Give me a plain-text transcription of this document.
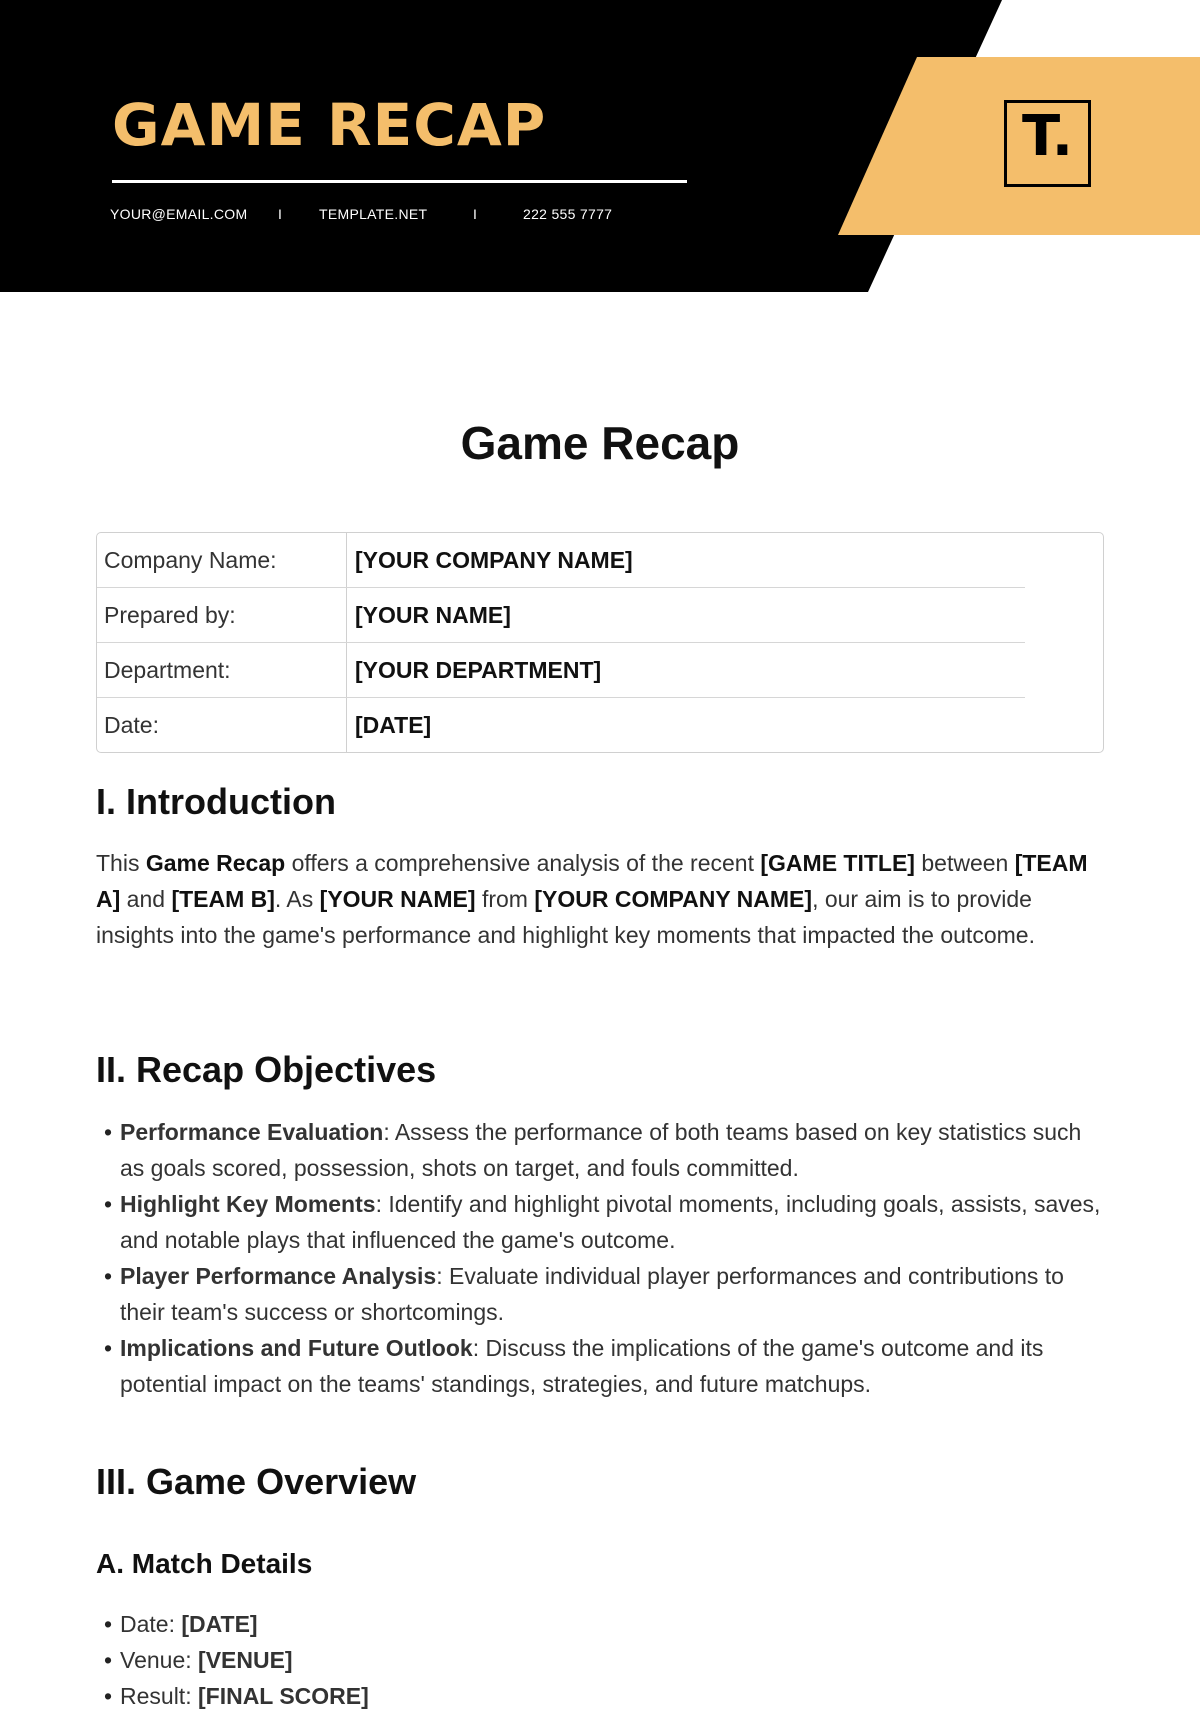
GAME RECAP
YOUR@EMAIL.COM I	TEMPLATE.NET	I	222 555 7777
T.
Game Recap
Company Name:	[YOUR COMPANY NAME]
Prepared by:	[YOUR NAME]
Department:	[YOUR DEPARTMENT]
Date:	[DATE]
I. Introduction

This Game Recap offers a comprehensive analysis of the recent [GAME TITLE] between [TEAM A] and [TEAM B]. As [YOUR NAME] from [YOUR COMPANY NAME], our aim is to provide insights into the game's performance and highlight key moments that impacted the outcome.

II. Recap Objectives
• Performance Evaluation: Assess the performance of both teams based on key statistics such as goals scored, possession, shots on target, and fouls committed.
• Highlight Key Moments: Identify and highlight pivotal moments, including goals, assists, saves, and notable plays that influenced the game's outcome.
• Player Performance Analysis: Evaluate individual player performances and contributions to their team's success or shortcomings.
• Implications and Future Outlook: Discuss the implications of the game's outcome and its potential impact on the teams' standings, strategies, and future matchups.
III. Game Overview
A. Match Details
• Date: [DATE]
• Venue: [VENUE]
• Result: [FINAL SCORE]
